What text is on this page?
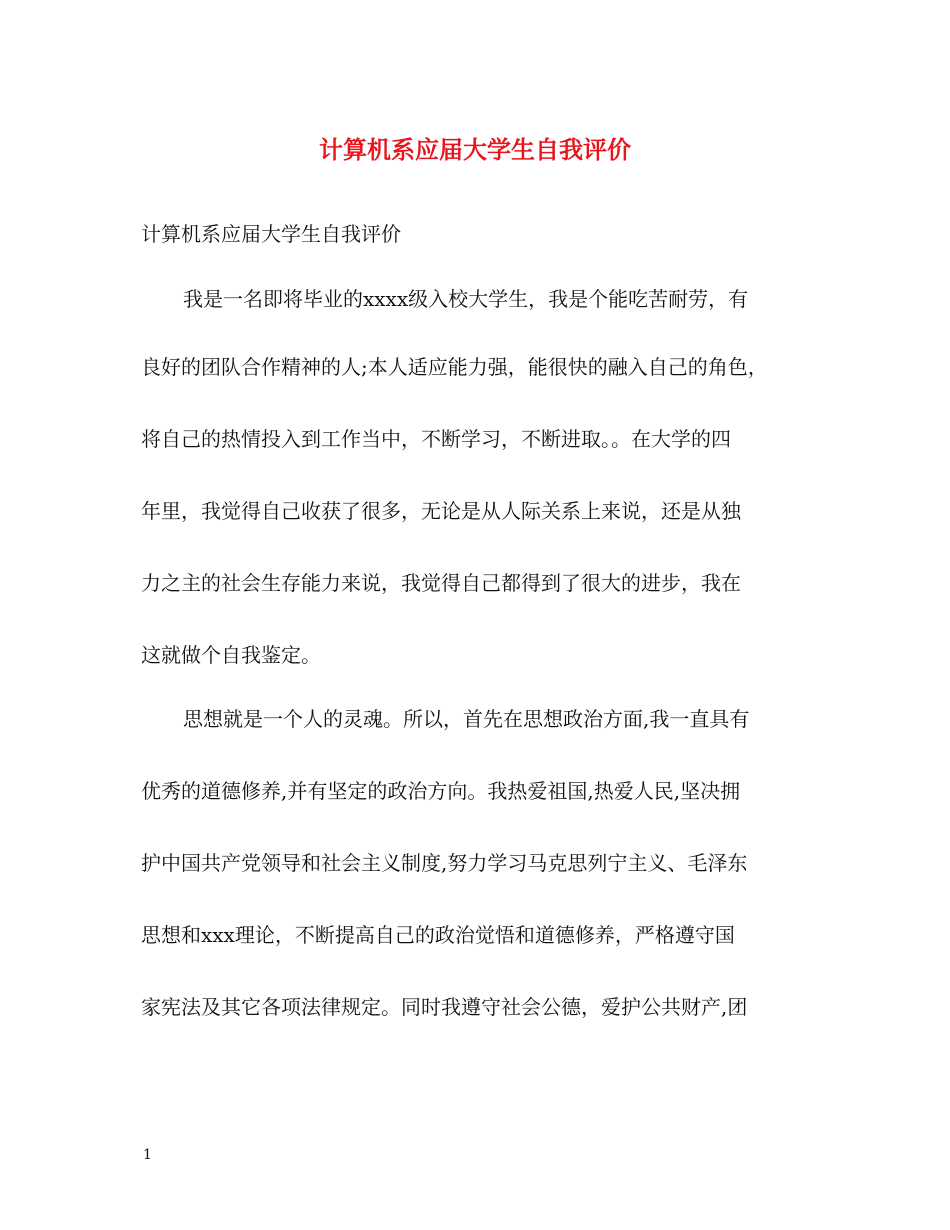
计算机系应届大学生自我评价

计算机系应届大学生自我评价

我是一名即将毕业的xxxx级入校大学生，我是个能吃苦耐劳，有

良好的团队合作精神的人;本人适应能力强，能很快的融入自己的角色，

将自己的热情投入到工作当中，不断学习，不断进取。。在大学的四

年里，我觉得自己收获了很多，无论是从人际关系上来说，还是从独

力之主的社会生存能力来说，我觉得自己都得到了很大的进步，我在

这就做个自我鉴定。

思想就是一个人的灵魂。所以，首先在思想政治方面,我一直具有

优秀的道德修养,并有坚定的政治方向。我热爱祖国,热爱人民,坚决拥

护中国共产党领导和社会主义制度,努力学习马克思列宁主义、毛泽东

思想和xxx理论，不断提高自己的政治觉悟和道德修养，严格遵守国

家宪法及其它各项法律规定。同时我遵守社会公德，爱护公共财产,团

1
